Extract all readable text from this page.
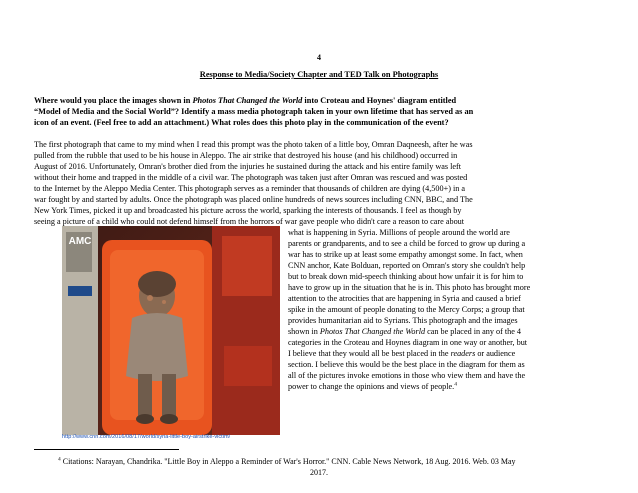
4
Response to Media/Society Chapter and TED Talk on Photographs
Where would you place the images shown in Photos That Changed the World into Croteau and Hoynes' diagram entitled
“Model of Media and the Social World”? Identify a mass media photograph taken in your own lifetime that has served as an
icon of an event. (Feel free to add an attachment.) What roles does this photo play in the communication of the event?
The first photograph that came to my mind when I read this prompt was the photo taken of a little boy, Omran Daqneesh, after he was
pulled from the rubble that used to be his house in Aleppo. The air strike that destroyed his house (and his childhood) occurred in
August of 2016. Unfortunately, Omran's brother died from the injuries he sustained during the attack and his entire family was left
without their home and trapped in the middle of a civil war. The photograph was taken just after Omran was rescued and was posted
to the Internet by the Aleppo Media Center. This photograph serves as a reminder that thousands of children are dying (4,500+) in a
war fought by and started by adults. Once the photograph was placed online hundreds of news sources including CNN, BBC, and The
New York Times, picked it up and broadcasted his picture across the world, sparking the interests of thousands. I feel as though by
seeing a picture of a child who could not defend himself from the horrors of war gave people who didn't care a reason to care about
AMC
http://www.cnn.com/2016/08/17/world/syria-little-boy-airstrike-victim/
what is happening in Syria. Millions of people around the world are
parents or grandparents, and to see a child be forced to grow up during a
war has to strike up at least some empathy amongst some. In fact, when
CNN anchor, Kate Bolduan, reported on Omran's story she couldn't help
but to break down mid-speech thinking about how unfair it is for him to
have to grow up in the situation that he is in. This photo has brought more
attention to the atrocities that are happening in Syria and caused a brief
spike in the amount of people donating to the Mercy Corps; a group that
provides humanitarian aid to Syrians. This photograph and the images
shown in Photos That Changed the World can be placed in any of the 4
categories in the Croteau and Hoynes diagram in one way or another, but
I believe that they would all be best placed in the readers or audience
section. I believe this would be the best place in the diagram for them as
all of the pictures invoke emotions in those who view them and have the
power to change the opinions and views of people.$^4$
$^4$ Citations: Narayan, Chandrika. "Little Boy in Aleppo a Reminder of War's Horror." CNN. Cable News Network, 18 Aug. 2016. Web. 03 May
2017.
